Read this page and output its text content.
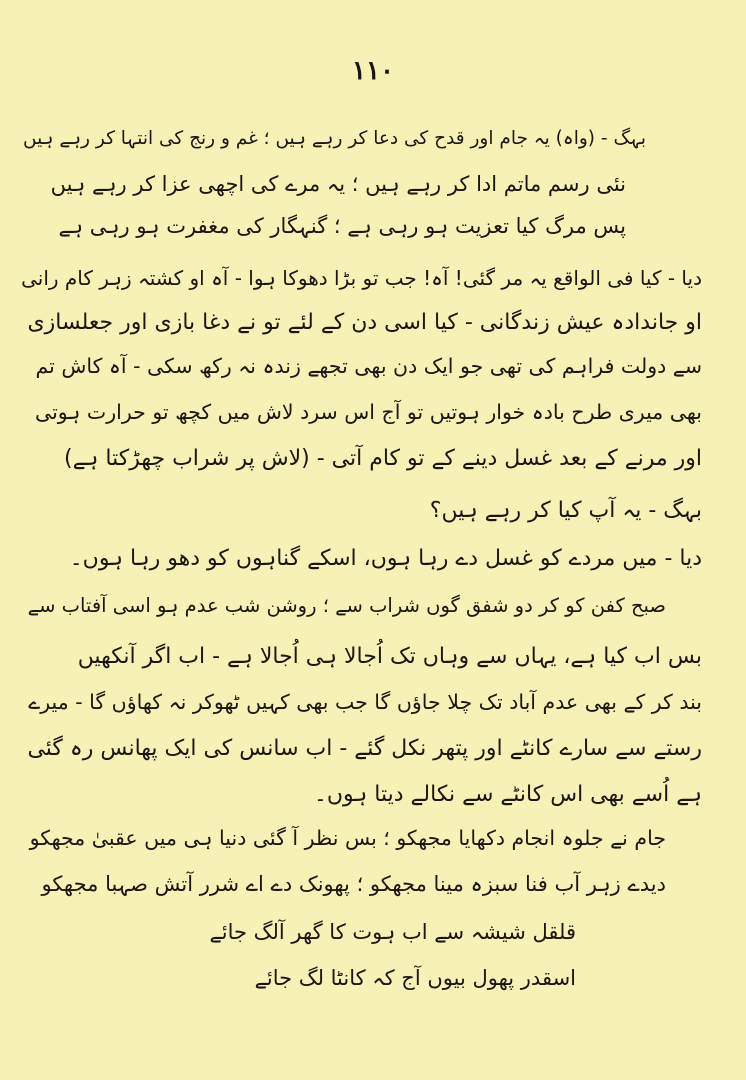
۱۱۰
بہگ - (واہ) یہ جام اور قدح کی دعا کر رہے ہیں ؛ غم و رنج کی انتہا کر رہے ہیں
نئی رسم ماتم ادا کر رہے ہیں ؛ یہ مرے کی اچھی عزا کر رہے ہیں
پس مرگ کیا تعزیت ہو رہی ہے ؛ گنہگار کی مغفرت ہو رہی ہے
دیا - کیا فی الواقع یہ مر گئی! آہ! جب تو بڑا دھوکا ہوا - آہ او کشتہ زہر کام رانی
او جاندادہ عیش زندگانی - کیا اسی دن کے لئے تو نے دغا بازی اور جعلسازی
سے دولت فراہم کی تھی جو ایک دن بھی تجھے زندہ نہ رکھ سکی - آہ کاش تم
بھی میری طرح بادہ خوار ہوتیں تو آج اس سرد لاش میں کچھ تو حرارت ہوتی
اور مرنے کے بعد غسل دینے کے تو کام آتی - (لاش پر شراب چھڑکتا ہے)
بہگ - یہ آپ کیا کر رہے ہیں؟
دیا - میں مردے کو غسل دے رہا ہوں، اسکے گناہوں کو دھو رہا ہوں۔
صبح کفن کو کر دو شفق گوں شراب سے ؛ روشن شب عدم ہو اسی آفتاب سے
بس اب کیا ہے، یہاں سے وہاں تک اُجالا ہی اُجالا ہے - اب اگر آنکھیں
بند کر کے بھی عدم آباد تک چلا جاؤں گا جب بھی کہیں ٹھوکر نہ کھاؤں گا - میرے
رستے سے سارے کانٹے اور پتھر نکل گئے - اب سانس کی ایک پھانس رہ گئی
ہے اُسے بھی اس کانٹے سے نکالے دیتا ہوں۔
جام نے جلوہ انجام دکھایا مجھکو ؛ بس نظر آ گئی دنیا ہی میں عقبیٰ مجھکو
دیدے زہر آب فنا سبزہ مینا مجھکو ؛ پھونک دے اے شرر آتش صہبا مجھکو
قلقل شیشہ سے اب ہوت کا گھر آلگ جائے
اسقدر پھول بیوں آج کہ کانٹا لگ جائے
